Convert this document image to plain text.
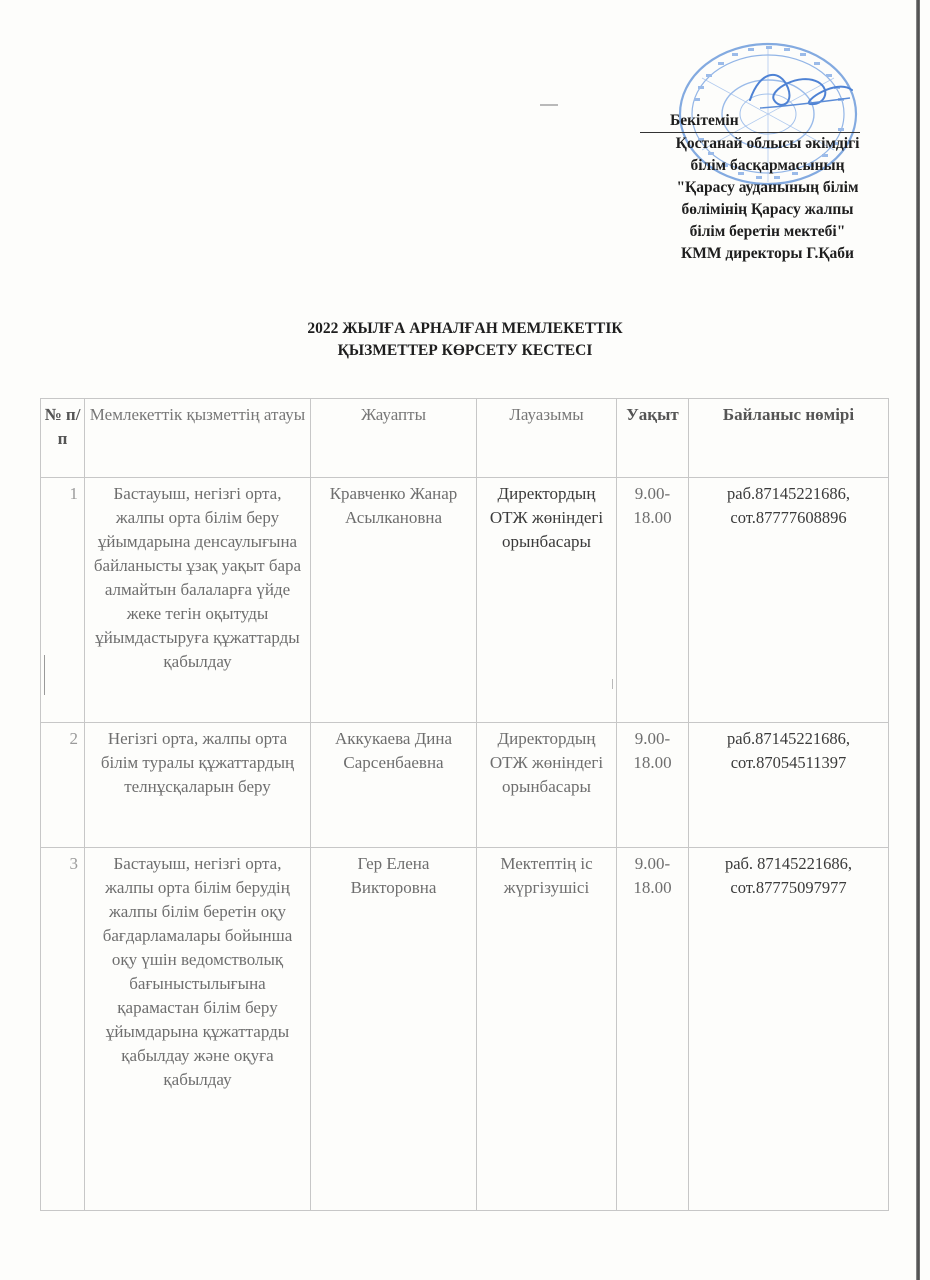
Бекітемін
Қостанай облысы әкімдігі
білім басқармасының
"Қарасу ауданының білім
бөлімінің Қарасу жалпы
білім беретін мектебі"
КММ директоры Г.Қаби
2022 ЖЫЛҒА АРНАЛҒАН МЕМЛЕКЕТТІК
ҚЫЗМЕТТЕР КӨРСЕТУ КЕСТЕСІ
№ п/п	Мемлекеттік қызметтің атауы	Жауапты	Лауазымы	Уақыт	Байланыс нөмірі
1	Бастауыш, негізгі орта, жалпы орта білім беру ұйымдарына денсаулығына байланысты ұзақ уақыт бара алмайтын балаларға үйде жеке тегін оқытуды ұйымдастыруға құжаттарды қабылдау	Кравченко Жанар Асылкановна	Директордың ОТЖ жөніндегі орынбасары	9.00-18.00	раб.87145221686,
сот.87777608896

2	Негізгі орта, жалпы орта білім туралы құжаттардың телнұсқаларын беру	Аккукаева Дина Сарсенбаевна	Директордың ОТЖ жөніндегі орынбасары	9.00-18.00	раб.87145221686,
сот.87054511397

3	Бастауыш, негізгі орта, жалпы орта білім берудің жалпы білім беретін оқу бағдарламалары бойынша оқу үшін ведомстволық бағыныстылығына қарамастан білім беру ұйымдарына құжаттарды қабылдау және оқуға қабылдау	Гер Елена Викторовна	Мектептің іс жүргізушісі	9.00-18.00	раб. 87145221686,
сот.87775097977
